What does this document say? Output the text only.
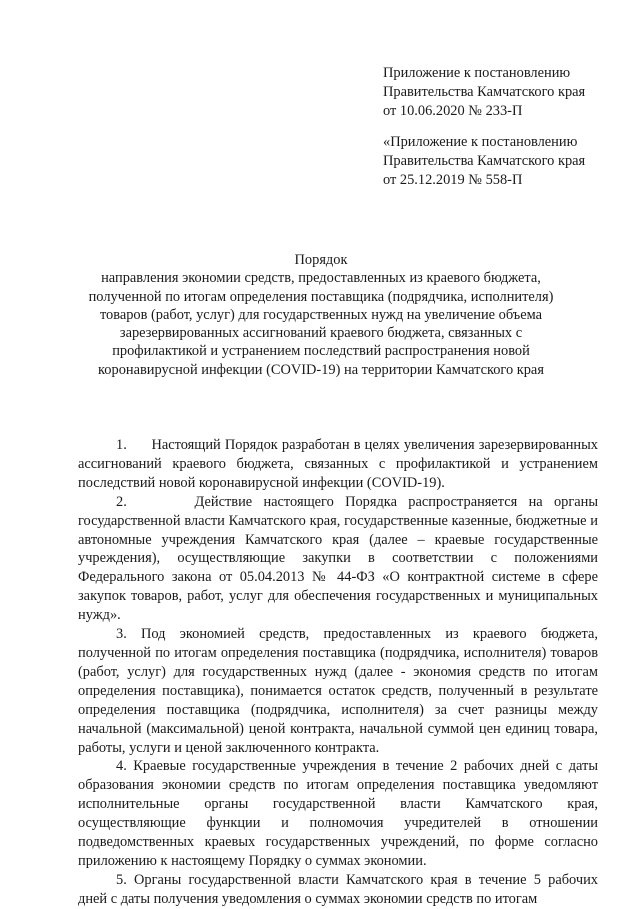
Приложение к постановлению
Правительства Камчатского края
от 10.06.2020 № 233-П
«Приложение к постановлению
Правительства Камчатского края
от 25.12.2019 № 558-П
Порядок
направления экономии средств, предоставленных из краевого бюджета,
полученной по итогам определения поставщика (подрядчика, исполнителя)
товаров (работ, услуг) для государственных нужд на увеличение объема
зарезервированных ассигнований краевого бюджета, связанных с
профилактикой и устранением последствий распространения новой
коронавирусной инфекции (COVID-19) на территории Камчатского края

1.      Настоящий Порядок разработан в целях увеличения зарезервированных ассигнований краевого бюджета, связанных с профилактикой и устранением последствий новой коронавирусной инфекции (COVID-19).

2.      Действие настоящего Порядка распространяется на органы государственной власти Камчатского края, государственные казенные, бюджетные и автономные учреждения Камчатского края (далее – краевые государственные учреждения), осуществляющие закупки в соответствии с положениями Федерального закона от 05.04.2013 № 44-ФЗ «О контрактной системе в сфере закупок товаров, работ, услуг для обеспечения государственных и муниципальных нужд».

3. Под экономией средств, предоставленных из краевого бюджета, полученной по итогам определения поставщика (подрядчика, исполнителя) товаров (работ, услуг) для государственных нужд (далее - экономия средств по итогам определения поставщика), понимается остаток средств, полученный в результате определения поставщика (подрядчика, исполнителя) за счет разницы между начальной (максимальной) ценой контракта, начальной суммой цен единиц товара, работы, услуги и ценой заключенного контракта.

4. Краевые государственные учреждения в течение 2 рабочих дней с даты образования экономии средств по итогам определения поставщика уведомляют исполнительные органы государственной власти Камчатского края, осуществляющие функции и полномочия учредителей в отношении подведомственных краевых государственных учреждений, по форме согласно приложению к настоящему Порядку о суммах экономии.

5. Органы государственной власти Камчатского края в течение 5 рабочих дней с даты получения уведомления о суммах экономии средств по итогам
